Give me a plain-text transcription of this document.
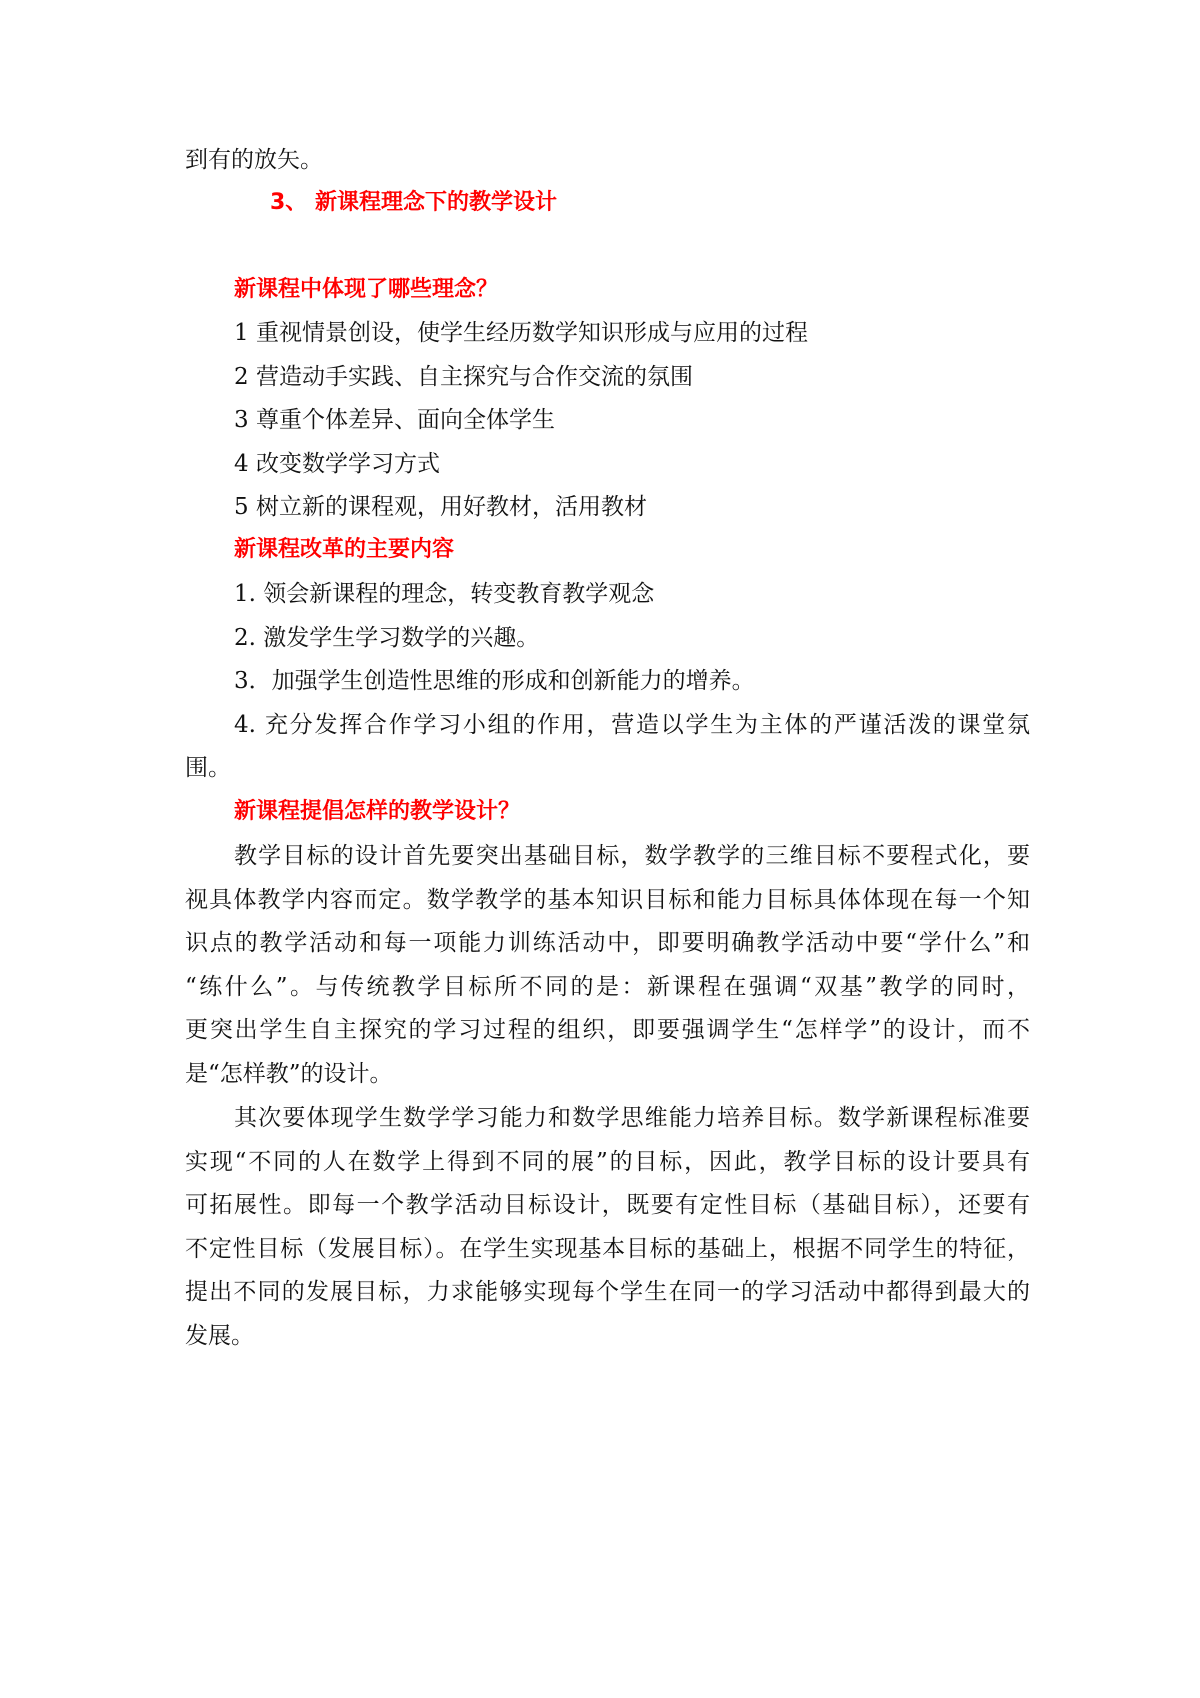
到有的放矢。
3、 新课程理念下的教学设计
新课程中体现了哪些理念？
1 重视情景创设，使学生经历数学知识形成与应用的过程
2 营造动手实践、自主探究与合作交流的氛围
3 尊重个体差异、面向全体学生
4 改变数学学习方式
5 树立新的课程观，用好教材，活用教材
新课程改革的主要内容
1. 领会新课程的理念，转变教育教学观念
2. 激发学生学习数学的兴趣。
3．加强学生创造性思维的形成和创新能力的增养。
4. 充分发挥合作学习小组的作用，营造以学生为主体的严谨活泼的课堂氛
围。
新课程提倡怎样的教学设计？
教学目标的设计首先要突出基础目标，数学教学的三维目标不要程式化，要
视具体教学内容而定。数学教学的基本知识目标和能力目标具体体现在每一个知
识点的教学活动和每一项能力训练活动中，即要明确教学活动中要“学什么”和
“练什么”。与传统教学目标所不同的是：新课程在强调“双基”教学的同时，
更突出学生自主探究的学习过程的组织，即要强调学生“怎样学”的设计，而不
是“怎样教”的设计。
其次要体现学生数学学习能力和数学思维能力培养目标。数学新课程标准要
实现“不同的人在数学上得到不同的展”的目标，因此，教学目标的设计要具有
可拓展性。即每一个教学活动目标设计，既要有定性目标（基础目标），还要有
不定性目标（发展目标）。在学生实现基本目标的基础上，根据不同学生的特征，
提出不同的发展目标，力求能够实现每个学生在同一的学习活动中都得到最大的
发展。
